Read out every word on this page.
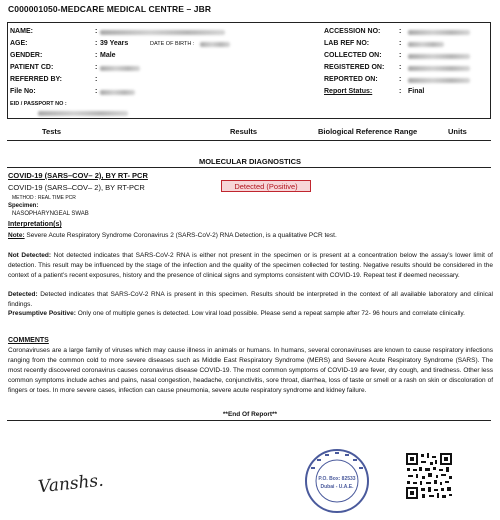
C000001050-MEDCARE MEDICAL CENTRE – JBR
NAME:	:
AGE:	: 39 Years	DATE OF BIRTH :
GENDER:	: Male
PATIENT CD:	:
REFERRED BY:	:
File No:	:
EID / PASSPORT NO :
ACCESSION NO:	:
LAB REF NO:	:
COLLECTED ON: :
REGISTERED ON: :
REPORTED ON:	:
Report Status:	: Final
Tests	Results	Biological Reference Range	Units
MOLECULAR DIAGNOSTICS
COVID-19 (SARS–COV– 2), BY RT- PCR
COVID-19 (SARS–COV– 2), BY RT-PCR	Detected (Positive)
METHOD : REAL TIME PCR
Specimen:
NASOPHARYNGEAL SWAB
Interpretation(s)
Note: Severe Acute Respiratory Syndrome Coronavirus 2 (SARS-CoV-2) RNA Detection, is a qualitative PCR test.
Not Detected: Not detected indicates that SARS-CoV-2 RNA is either not present in the specimen or is present at a concentration below the assay’s lower limit of detection. This result may be influenced by the stage of the infection and the quality of the specimen collected for testing. Negative results should be considered in the context of a patient’s recent exposures, history and the presence of clinical signs and symptoms consistent with COVID-19. Repeat test if deemed necessary.
Detected: Detected indicates that SARS-CoV-2 RNA is present in this specimen. Results should be interpreted in the context of all available laboratory and clinical findings.
Presumptive Positive: Only one of multiple genes is detected. Low viral load possible. Please send a repeat sample after 72- 96 hours and correlate clinically.
COMMENTS
Coronaviruses are a large family of viruses which may cause illness in animals or humans. In humans, several coronaviruses are known to cause respiratory infections ranging from the common cold to more severe diseases such as Middle East Respiratory Syndrome (MERS) and Severe Acute Respiratory Syndrome (SARS). The most recently discovered coronavirus causes coronavirus disease COVID-19. The most common symptoms of COVID-19 are fever, dry cough, and tiredness. Other less common symptoms include aches and pains, nasal congestion, headache, conjunctivitis, sore throat, diarrhea, loss of taste or smell or a rash on skin or discoloration of fingers or toes. In more severe cases, infection can cause pneumonia, severe acute respiratory syndrome and kidney failure.
**End Of Report**
Vanshs.	P.O. Box: 82533
Dubai - U.A.E.
